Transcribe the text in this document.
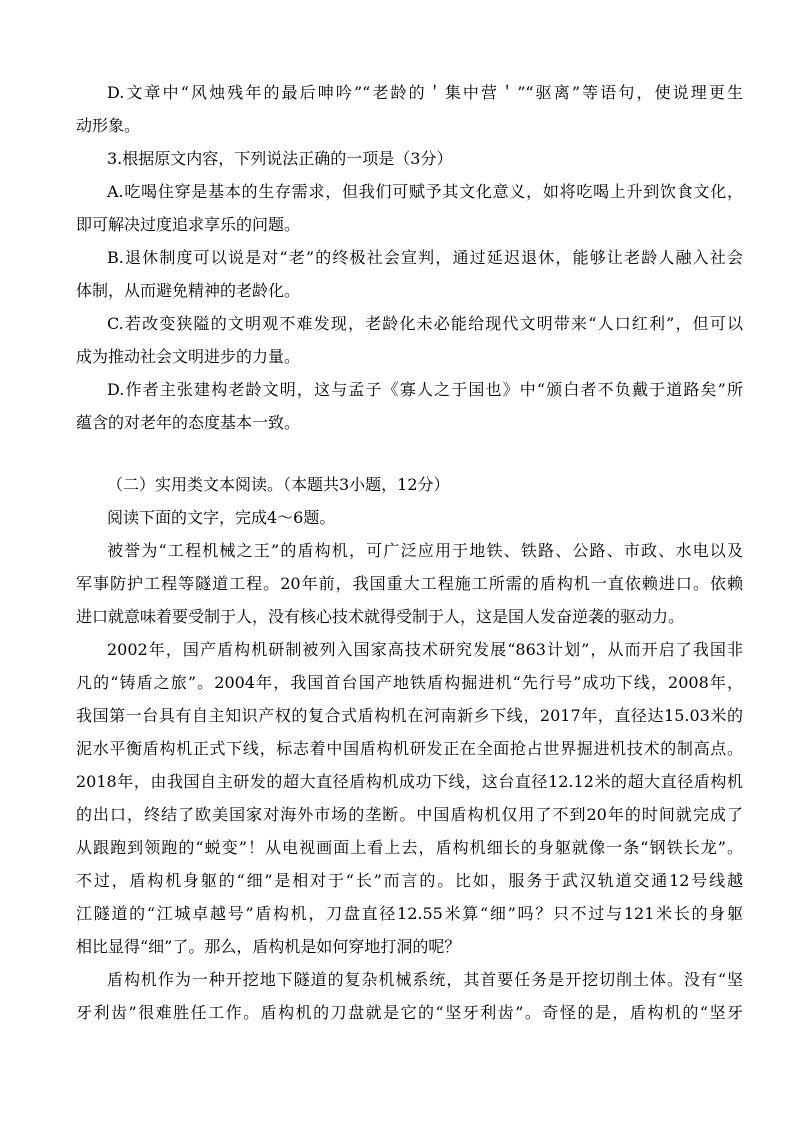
D.文章中“风烛残年的最后呻吟”“老龄的＇集中营＇”“驱离”等语句，使说理更生
动形象。
3.根据原文内容，下列说法正确的一项是（3分）
A.吃喝住穿是基本的生存需求，但我们可赋予其文化意义，如将吃喝上升到饮食文化，
即可解决过度追求享乐的问题。
B.退休制度可以说是对“老”的终极社会宣判，通过延迟退休，能够让老龄人融入社会
体制，从而避免精神的老龄化。
C.若改变狭隘的文明观不难发现，老龄化未必能给现代文明带来“人口红利”，但可以
成为推动社会文明进步的力量。
D.作者主张建构老龄文明，这与孟子《寡人之于国也》中“颁白者不负戴于道路矣”所
蕴含的对老年的态度基本一致。
（二）实用类文本阅读。（本题共3小题，12分）
阅读下面的文字，完成4～6题。
被誉为“工程机械之王”的盾构机，可广泛应用于地铁、铁路、公路、市政、水电以及
军事防护工程等隧道工程。20年前，我国重大工程施工所需的盾构机一直依赖进口。依赖
进口就意味着要受制于人，没有核心技术就得受制于人，这是国人发奋逆袭的驱动力。
2002年，国产盾构机研制被列入国家高技术研究发展“863计划”，从而开启了我国非
凡的“铸盾之旅”。2004年，我国首台国产地铁盾构掘进机“先行号”成功下线，2008年，
我国第一台具有自主知识产权的复合式盾构机在河南新乡下线，2017年，直径达15.03米的
泥水平衡盾构机正式下线，标志着中国盾构机研发正在全面抢占世界掘进机技术的制高点。
2018年，由我国自主研发的超大直径盾构机成功下线，这台直径12.12米的超大直径盾构机
的出口，终结了欧美国家对海外市场的垄断。中国盾构机仅用了不到20年的时间就完成了
从跟跑到领跑的“蜕变”！从电视画面上看上去，盾构机细长的身躯就像一条“钢铁长龙”。
不过，盾构机身躯的“细”是相对于“长”而言的。比如，服务于武汉轨道交通12号线越
江隧道的“江城卓越号”盾构机，刀盘直径12.55米算“细”吗？只不过与121米长的身躯
相比显得“细”了。那么，盾构机是如何穿地打洞的呢？
盾构机作为一种开挖地下隧道的复杂机械系统，其首要任务是开挖切削土体。没有“坚
牙利齿”很难胜任工作。盾构机的刀盘就是它的“坚牙利齿”。奇怪的是，盾构机的“坚牙
